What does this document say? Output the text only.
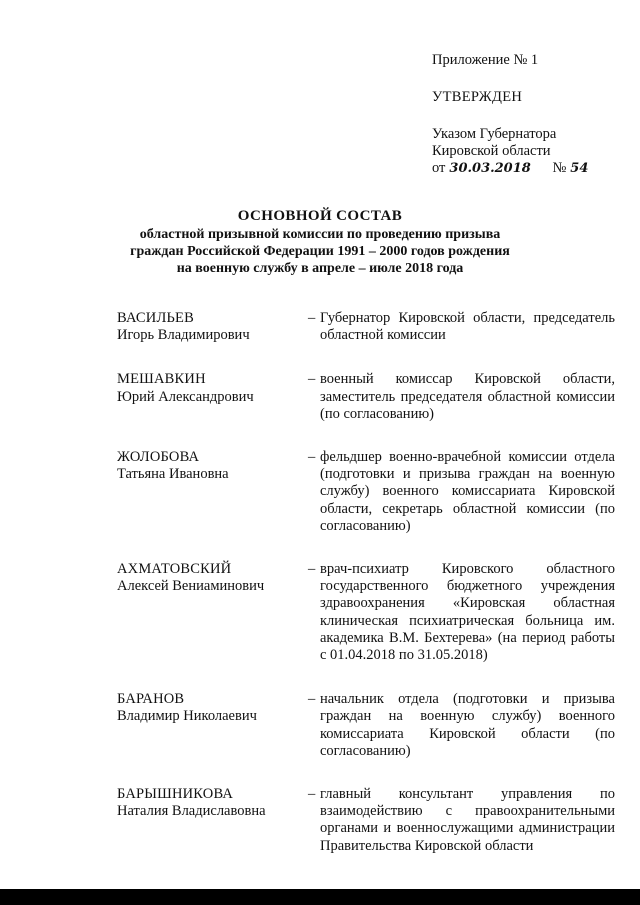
Приложение № 1
УТВЕРЖДЕН
Указом Губернатора
Кировской области
от 30.03.2018 № 54
ОСНОВНОЙ СОСТАВ
областной призывной комиссии по проведению призыва
граждан Российской Федерации 1991 – 2000 годов рождения
на военную службу в апреле – июле 2018 года
ВАСИЛЬЕВ
Игорь Владимирович
– Губернатор Кировской области, председатель областной комиссии
МЕШАВКИН
Юрий Александрович
– военный комиссар Кировской области, заместитель председателя областной комиссии (по согласованию)
ЖОЛОБОВА
Татьяна Ивановна
– фельдшер военно-врачебной комиссии отдела (подготовки и призыва граждан на военную службу) военного комиссариата Кировской области, секретарь областной комиссии (по согласованию)
АХМАТОВСКИЙ
Алексей Вениаминович
– врач-психиатр Кировского областного государственного бюджетного учреждения здравоохранения «Кировская областная клиническая психиатрическая больница им. академика В.М. Бехтерева» (на период работы с 01.04.2018 по 31.05.2018)
БАРАНОВ
Владимир Николаевич
– начальник отдела (подготовки и призыва граждан на военную службу) военного комиссариата Кировской области (по согласованию)
БАРЫШНИКОВА
Наталия Владиславовна
– главный консультант управления по взаимодействию с правоохранительными органами и военнослужащими администрации Правительства Кировской области
